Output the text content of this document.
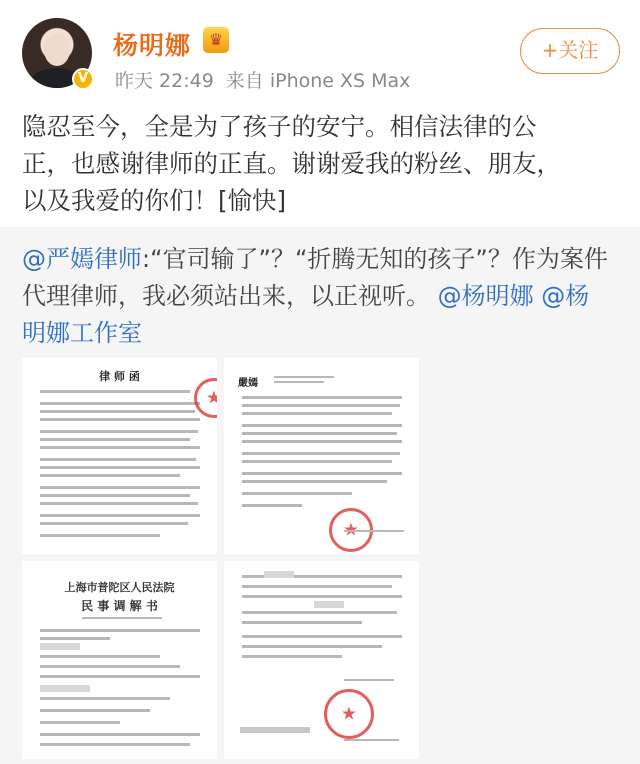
V
杨明娜	♛
昨天 22:49 来自 iPhone XS Max
+关注
隐忍至今，全是为了孩子的安宁。相信法律的公
正，也感谢律师的正直。谢谢爱我的粉丝、朋友，
以及我爱的你们！[愉快]
@严嫣律师:“官司输了”？“折腾无知的孩子”？作为案件
代理律师，我必须站出来，以正视听。 @杨明娜 @杨
明娜工作室
律 师 函
★
嚴嫣
★
上海市普陀区人民法院
民 事 调 解 书
★
